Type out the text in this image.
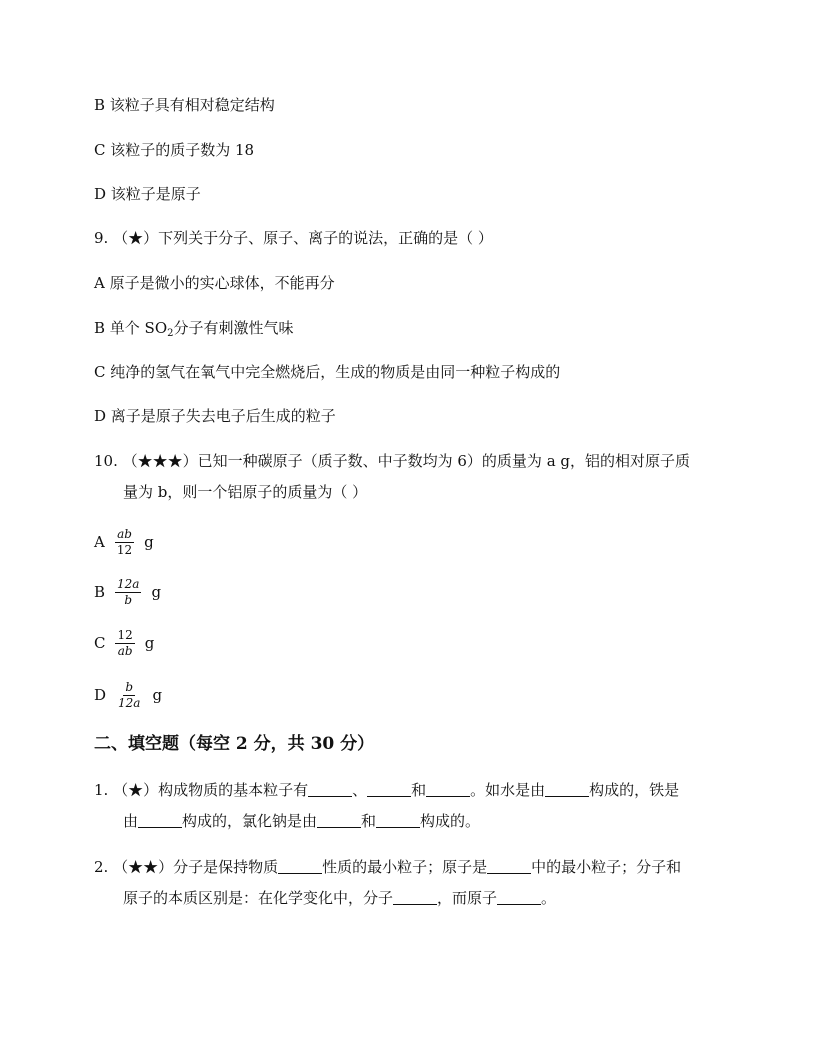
B 该粒子具有相对稳定结构
C 该粒子的质子数为 18
D 该粒子是原子
9. （★）下列关于分子、原子、离子的说法，正确的是（ ）
A 原子是微小的实心球体，不能再分
B 单个 $SO_2$分子有刺激性气味
C 纯净的氢气在氧气中完全燃烧后，生成的物质是由同一种粒子构成的
D 离子是原子失去电子后生成的粒子
10. （★★★）已知一种碳原子（质子数、中子数均为 6）的质量为 a g，铝的相对原子质
量为 b，则一个铝原子的质量为（ ）
A $\frac{ab}{12}$ g
B $\frac{12a}{b}$ g
C $\frac{12}{ab}$ g
D $\frac{b}{12a}$ g
二、填空题（每空 2 分，共 30 分）
1. （★）构成物质的基本粒子有	、	和	。如水是由	构成的，铁是
由	构成的，氯化钠是由	和	构成的。
2. （★★）分子是保持物质	性质的最小粒子；原子是	中的最小粒子；分子和
原子的本质区别是：在化学变化中，分子	，而原子	。
